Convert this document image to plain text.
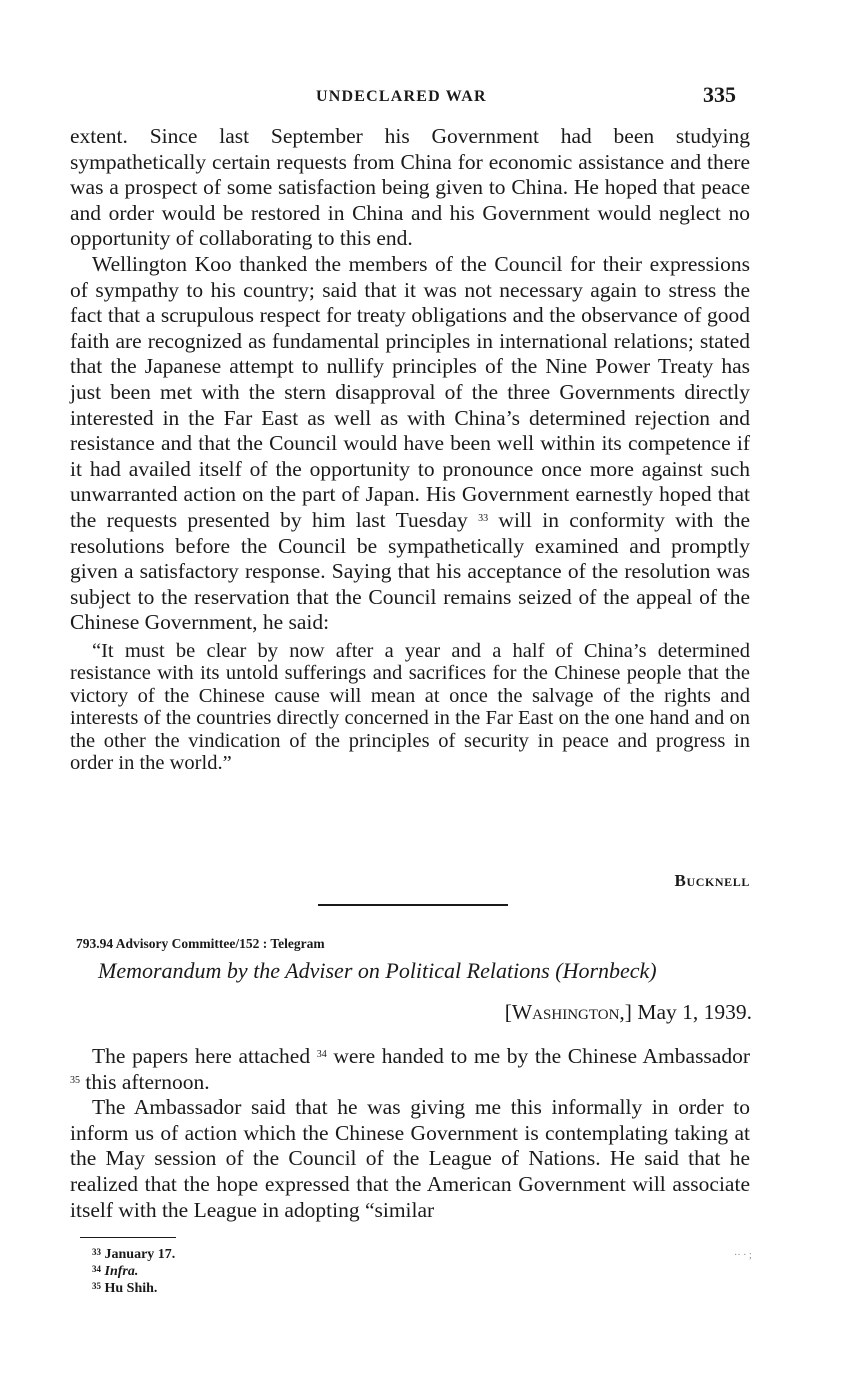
UNDECLARED WAR	335

extent. Since last September his Government had been studying sympathetically certain requests from China for economic assistance and there was a prospect of some satisfaction being given to China. He hoped that peace and order would be restored in China and his Government would neglect no opportunity of collaborating to this end.

Wellington Koo thanked the members of the Council for their expressions of sympathy to his country; said that it was not necessary again to stress the fact that a scrupulous respect for treaty obligations and the observance of good faith are recognized as fundamental principles in international relations; stated that the Japanese attempt to nullify principles of the Nine Power Treaty has just been met with the stern disapproval of the three Governments directly interested in the Far East as well as with China’s determined rejection and resistance and that the Council would have been well within its competence if it had availed itself of the opportunity to pronounce once more against such unwarranted action on the part of Japan. His Government earnestly hoped that the requests presented by him last Tuesday $^{33}$ will in conformity with the resolutions before the Council be sympathetically examined and promptly given a satisfactory response. Saying that his acceptance of the resolution was subject to the reservation that the Council remains seized of the appeal of the Chinese Government, he said:

“It must be clear by now after a year and a half of China’s determined resistance with its untold sufferings and sacrifices for the Chinese people that the victory of the Chinese cause will mean at once the salvage of the rights and interests of the countries directly concerned in the Far East on the one hand and on the other the vindication of the principles of security in peace and progress in order in the world.”

Bucknell
793.94 Advisory Committee/152 : Telegram
Memorandum by the Adviser on Political Relations (Hornbeck)
[Washington,] May 1, 1939.

The papers here attached $^{34}$ were handed to me by the Chinese Ambassador $^{35}$ this afternoon.

The Ambassador said that he was giving me this informally in order to inform us of action which the Chinese Government is contemplating taking at the May session of the Council of the League of Nations. He said that he realized that the hope expressed that the American Government will associate itself with the League in adopting “similar

$^{33}$ January 17.
$^{34}$ Infra.
$^{35}$ Hu Shih.
·· · ;
